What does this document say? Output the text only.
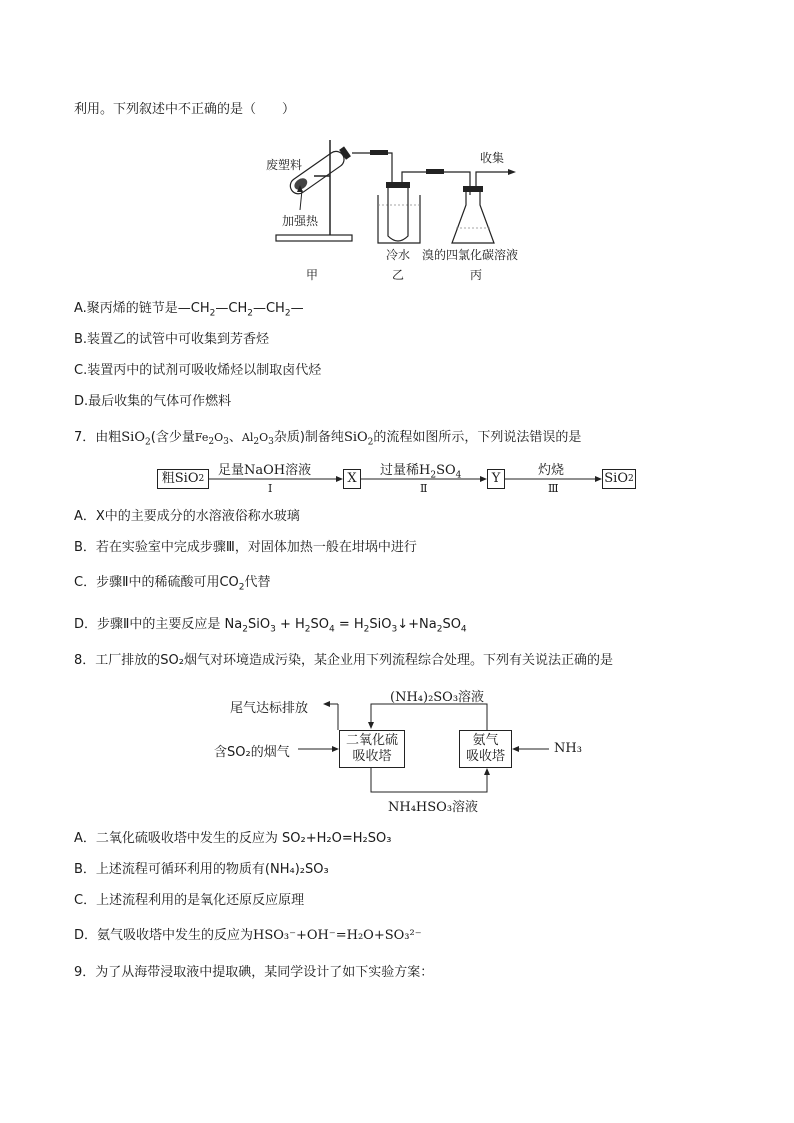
利用。下列叙述中不正确的是（　　）
废塑料
加强热
收集
冷水 溴的四氯化碳溶液
甲	乙	丙
A.聚丙烯的链节是$—CH_2—CH_2—CH_2—$
B.装置乙的试管中可收集到芳香烃
C.装置丙中的试剂可吸收烯烃以制取卤代烃
D.最后收集的气体可作燃料
7．由粗SiO$_2$(含少量$Fe_2O_3$、$Al_2O_3$杂质)制备纯SiO$_2$的流程如图所示，下列说法错误的是
粗SiO 2
足量NaOH溶液
Ⅰ
X
过量稀$H_2SO_4$
Ⅱ
Y
灼烧
Ⅲ
SiO 2
A．X中的主要成分的水溶液俗称水玻璃
B．若在实验室中完成步骤Ⅲ，对固体加热一般在坩埚中进行
C．步骤Ⅱ中的稀硫酸可用$CO_2$代替
D．步骤Ⅱ中的主要反应是 $Na_2SiO_3 + H_2SO_4$ = $H_2SiO_3↓+Na_2SO_4$
8．工厂排放的SO₂烟气对环境造成污染，某企业用下列流程综合处理。下列有关说法正确的是
(NH₄)₂SO₃溶液
尾气达标排放
含SO₂的烟气
二氧化硫
吸收塔
氨气
吸收塔
NH₃
NH₄HSO₃溶液
A．二氧化硫吸收塔中发生的反应为 SO₂+H₂O=H₂SO₃
B．上述流程可循环利用的物质有(NH₄)₂SO₃
C．上述流程利用的是氧化还原反应原理
D．氨气吸收塔中发生的反应为HSO₃⁻+OH⁻=H₂O+SO₃²⁻
9．为了从海带浸取液中提取碘，某同学设计了如下实验方案：
